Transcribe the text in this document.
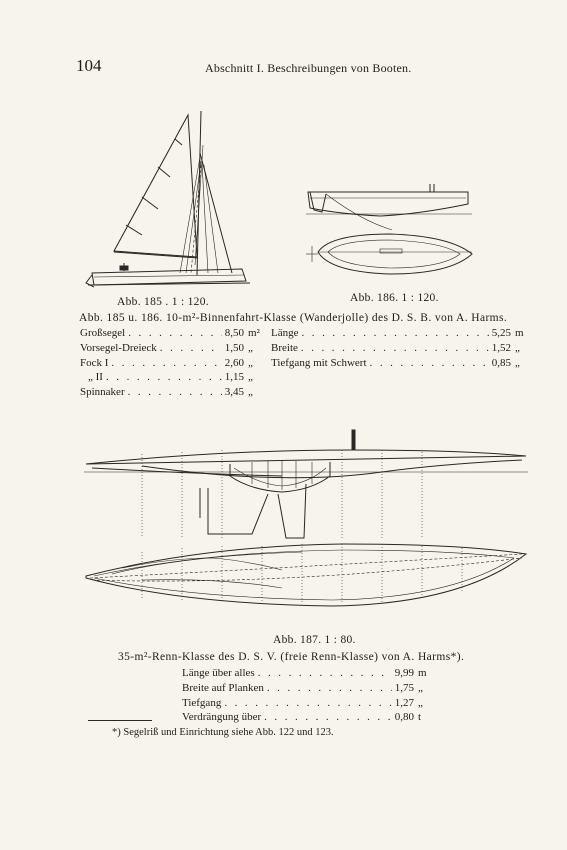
104	Abschnitt I. Beschreibungen von Booten.
Abb. 185 . 1 : 120.	Abb. 186. 1 : 120.
Abb. 185 u. 186. 10-m²-Binnenfahrt-Klasse (Wanderjolle) des D. S. B. von A. Harms.
Großsegel . . .	8,50 m²
Vorsegel-Dreieck . . .	1,50 „
Fock I . . .	2,60 „
„ II . . .	1,15 „
Spinnaker . . .	3,45 „
Länge . . .	5,25 m
Breite . . .	1,52 „
Tiefgang mit Schwert . . .	0,85 „
Abb. 187. 1 : 80.
35-m²-Renn-Klasse des D. S. V. (freie Renn-Klasse) von A. Harms*).
Länge über alles . . .	9,99 m
Breite auf Planken . . .	1,75 „
Tiefgang . . .	1,27 „
Verdrängung über . . .	0,80 t
*) Segelriß und Einrichtung siehe Abb. 122 und 123.
